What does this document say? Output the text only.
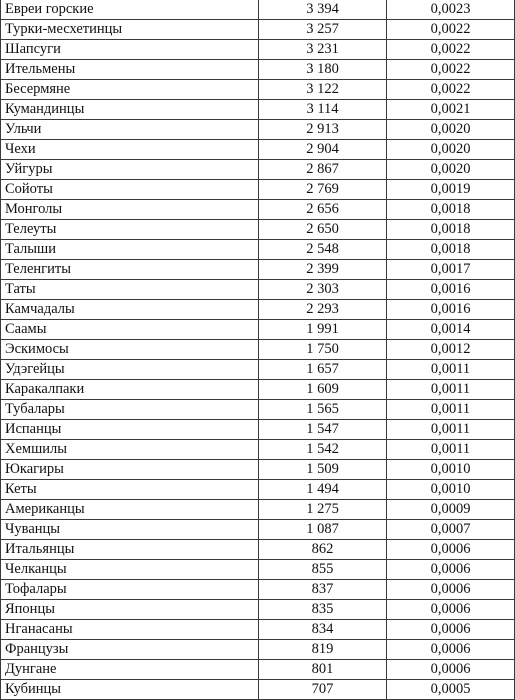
Евреи горские	3 394	0,0023
Турки-месхетинцы	3 257	0,0022
Шапсуги	3 231	0,0022
Ительмены	3 180	0,0022
Бесермяне	3 122	0,0022
Кумандинцы	3 114	0,0021
Ульчи	2 913	0,0020
Чехи	2 904	0,0020
Уйгуры	2 867	0,0020
Сойоты	2 769	0,0019
Монголы	2 656	0,0018
Телеуты	2 650	0,0018
Талыши	2 548	0,0018
Теленгиты	2 399	0,0017
Таты	2 303	0,0016
Камчадалы	2 293	0,0016
Саамы	1 991	0,0014
Эскимосы	1 750	0,0012
Удэгейцы	1 657	0,0011
Каракалпаки	1 609	0,0011
Тубалары	1 565	0,0011
Испанцы	1 547	0,0011
Хемшилы	1 542	0,0011
Юкагиры	1 509	0,0010
Кеты	1 494	0,0010
Американцы	1 275	0,0009
Чуванцы	1 087	0,0007
Итальянцы	862	0,0006
Челканцы	855	0,0006
Тофалары	837	0,0006
Японцы	835	0,0006
Нганасаны	834	0,0006
Французы	819	0,0006
Дунгане	801	0,0006
Кубинцы	707	0,0005
